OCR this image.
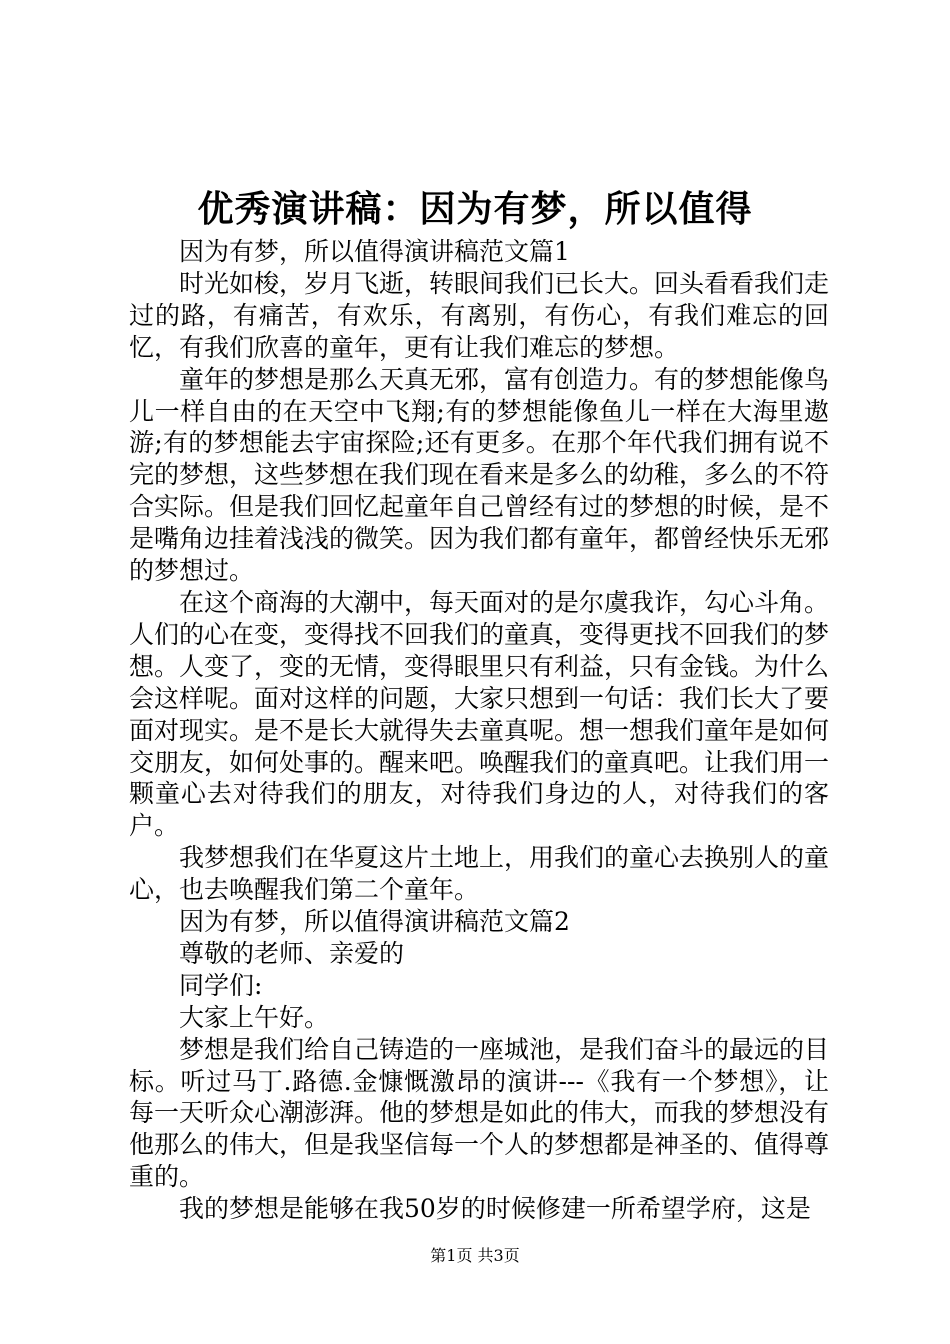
优秀演讲稿：因为有梦，所以值得

因为有梦，所以值得演讲稿范文篇1

时光如梭，岁月飞逝，转眼间我们已长大。回头看看我们走过的路，有痛苦，有欢乐，有离别，有伤心，有我们难忘的回忆，有我们欣喜的童年，更有让我们难忘的梦想。

童年的梦想是那么天真无邪，富有创造力。有的梦想能像鸟儿一样自由的在天空中飞翔;有的梦想能像鱼儿一样在大海里遨游;有的梦想能去宇宙探险;还有更多。在那个年代我们拥有说不完的梦想，这些梦想在我们现在看来是多么的幼稚，多么的不符合实际。但是我们回忆起童年自己曾经有过的梦想的时候，是不是嘴角边挂着浅浅的微笑。因为我们都有童年，都曾经快乐无邪的梦想过。

在这个商海的大潮中，每天面对的是尔虞我诈，勾心斗角。人们的心在变，变得找不回我们的童真，变得更找不回我们的梦想。人变了，变的无情，变得眼里只有利益，只有金钱。为什么会这样呢。面对这样的问题，大家只想到一句话：我们长大了要面对现实。是不是长大就得失去童真呢。想一想我们童年是如何交朋友，如何处事的。醒来吧。唤醒我们的童真吧。让我们用一颗童心去对待我们的朋友，对待我们身边的人，对待我们的客户。

我梦想我们在华夏这片土地上，用我们的童心去换别人的童心，也去唤醒我们第二个童年。

因为有梦，所以值得演讲稿范文篇2

尊敬的老师、亲爱的

同学们:

大家上午好。

梦想是我们给自己铸造的一座城池，是我们奋斗的最远的目标。听过马丁.路德.金慷慨激昂的演讲---《我有一个梦想》，让每一天听众心潮澎湃。他的梦想是如此的伟大，而我的梦想没有他那么的伟大，但是我坚信每一个人的梦想都是神圣的、值得尊重的。

我的梦想是能够在我50岁的时候修建一所希望学府，这是

第1页 共3页
